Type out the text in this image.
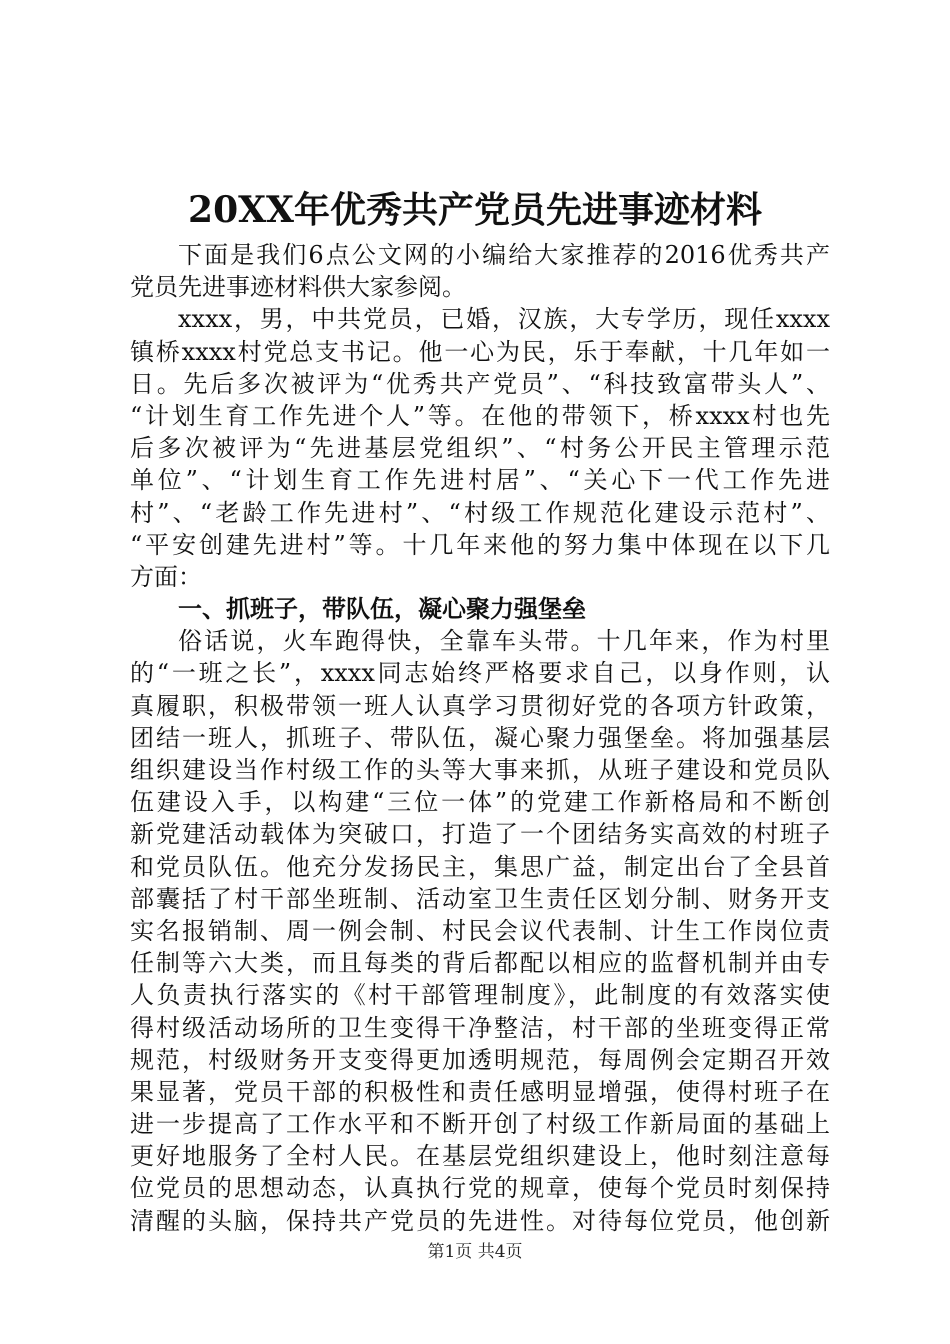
20XX年优秀共产党员先进事迹材料
下面是我们6点公文网的小编给大家推荐的2016优秀共产
党员先进事迹材料供大家参阅。
xxxx，男，中共党员，已婚，汉族，大专学历，现任xxxx
镇桥xxxx村党总支书记。他一心为民，乐于奉献，十几年如一
日。先后多次被评为“优秀共产党员”、“科技致富带头人”、
“计划生育工作先进个人”等。在他的带领下，桥xxxx村也先
后多次被评为“先进基层党组织”、“村务公开民主管理示范
单位”、“计划生育工作先进村居”、“关心下一代工作先进
村”、“老龄工作先进村”、“村级工作规范化建设示范村”、
“平安创建先进村”等。十几年来他的努力集中体现在以下几
方面：
一、抓班子，带队伍，凝心聚力强堡垒
俗话说，火车跑得快，全靠车头带。十几年来，作为村里
的“一班之长”，xxxx同志始终严格要求自己，以身作则，认
真履职，积极带领一班人认真学习贯彻好党的各项方针政策，
团结一班人，抓班子、带队伍，凝心聚力强堡垒。将加强基层
组织建设当作村级工作的头等大事来抓，从班子建设和党员队
伍建设入手，以构建“三位一体”的党建工作新格局和不断创
新党建活动载体为突破口，打造了一个团结务实高效的村班子
和党员队伍。他充分发扬民主，集思广益，制定出台了全县首
部囊括了村干部坐班制、活动室卫生责任区划分制、财务开支
实名报销制、周一例会制、村民会议代表制、计生工作岗位责
任制等六大类，而且每类的背后都配以相应的监督机制并由专
人负责执行落实的《村干部管理制度》，此制度的有效落实使
得村级活动场所的卫生变得干净整洁，村干部的坐班变得正常
规范，村级财务开支变得更加透明规范，每周例会定期召开效
果显著，党员干部的积极性和责任感明显增强，使得村班子在
进一步提高了工作水平和不断开创了村级工作新局面的基础上
更好地服务了全村人民。在基层党组织建设上，他时刻注意每
位党员的思想动态，认真执行党的规章，使每个党员时刻保持
清醒的头脑，保持共产党员的先进性。对待每位党员，他创新
第1页 共4页
